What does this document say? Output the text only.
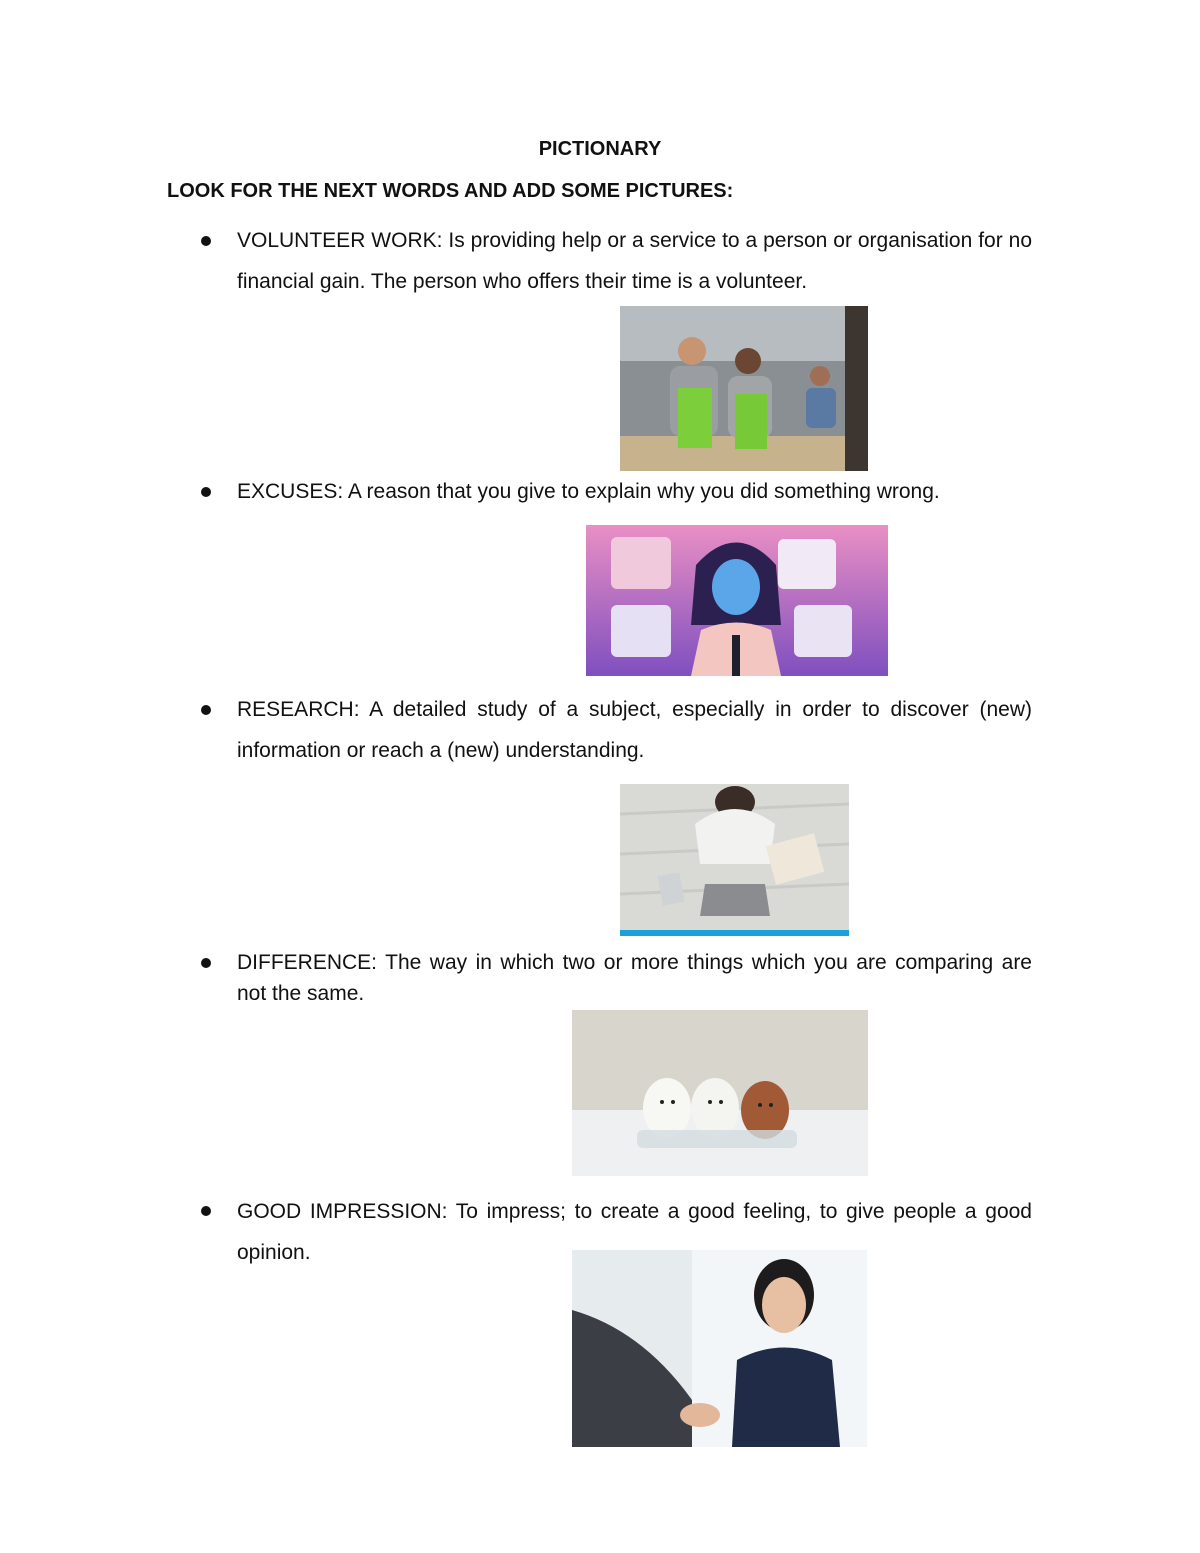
PICTIONARY
LOOK FOR THE NEXT WORDS AND ADD SOME PICTURES:
VOLUNTEER WORK: Is providing help or a service to a person or organisation for no financial gain. The person who offers their time is a volunteer.
EXCUSES: A reason that you give to explain why you did something wrong.
RESEARCH: A detailed study of a subject, especially in order to discover (new) information or reach a (new) understanding.
DIFFERENCE: The way in which two or more things which you are comparing are not the same.
GOOD IMPRESSION: To impress; to create a good feeling, to give people a good opinion.
